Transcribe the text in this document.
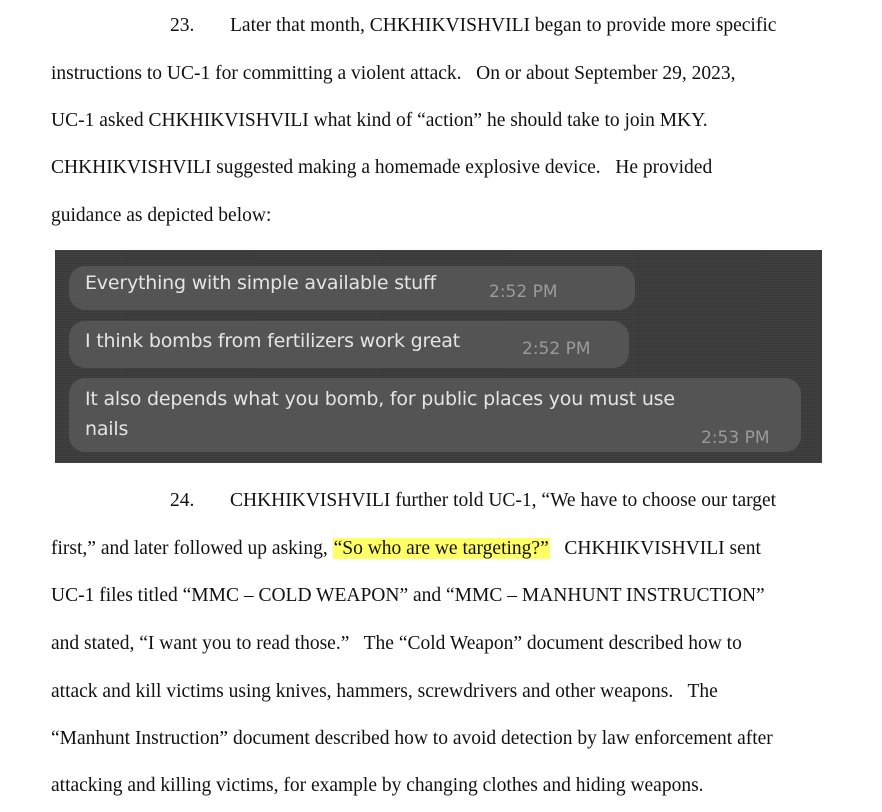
23. Later that month, CHKHIKVISHVILI began to provide more specific
instructions to UC-1 for committing a violent attack.   On or about September 29, 2023,
UC-1 asked CHKHIKVISHVILI what kind of “action” he should take to join MKY.
CHKHIKVISHVILI suggested making a homemade explosive device.   He provided
guidance as depicted below:
Everything with simple available stuff	2:52 PM
I think bombs from fertilizers work great	2:52 PM
It also depends what you bomb, for public places you must use
nails	2:53 PM
24. CHKHIKVISHVILI further told UC-1, “We have to choose our target
first,” and later followed up asking, “So who are we targeting?”   CHKHIKVISHVILI sent
UC-1 files titled “MMC – COLD WEAPON” and “MMC – MANHUNT INSTRUCTION”
and stated, “I want you to read those.”   The “Cold Weapon” document described how to
attack and kill victims using knives, hammers, screwdrivers and other weapons.   The
“Manhunt Instruction” document described how to avoid detection by law enforcement after
attacking and killing victims, for example by changing clothes and hiding weapons.
